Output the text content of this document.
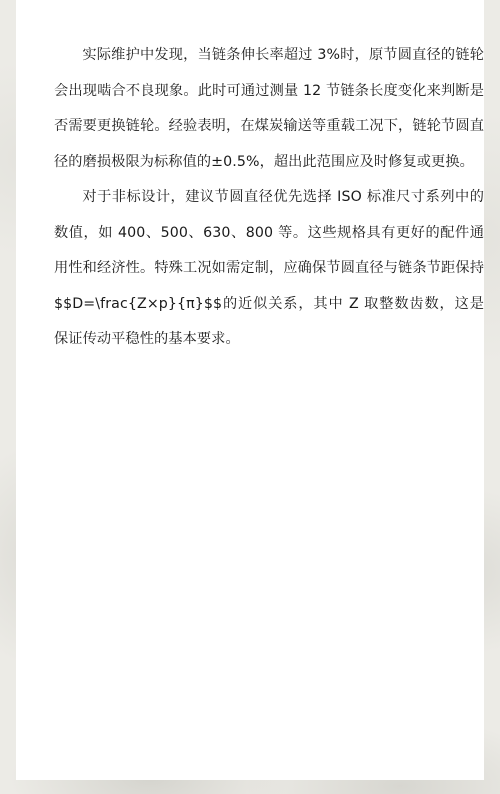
实际维护中发现，当链条伸长率超过 3%时，原节圆直径的链轮会出现啮合不良现象。此时可通过测量 12 节链条长度变化来判断是否需要更换链轮。经验表明，在煤炭输送等重载工况下，链轮节圆直径的磨损极限为标称值的±0.5%，超出此范围应及时修复或更换。

对于非标设计，建议节圆直径优先选择 ISO 标准尺寸系列中的数值，如 400、500、630、800 等。这些规格具有更好的配件通用性和经济性。特殊工况如需定制，应确保节圆直径与链条节距保持$$D=\frac{Z×p}{π}$$的近似关系，其中 Z 取整数齿数，这是保证传动平稳性的基本要求。
